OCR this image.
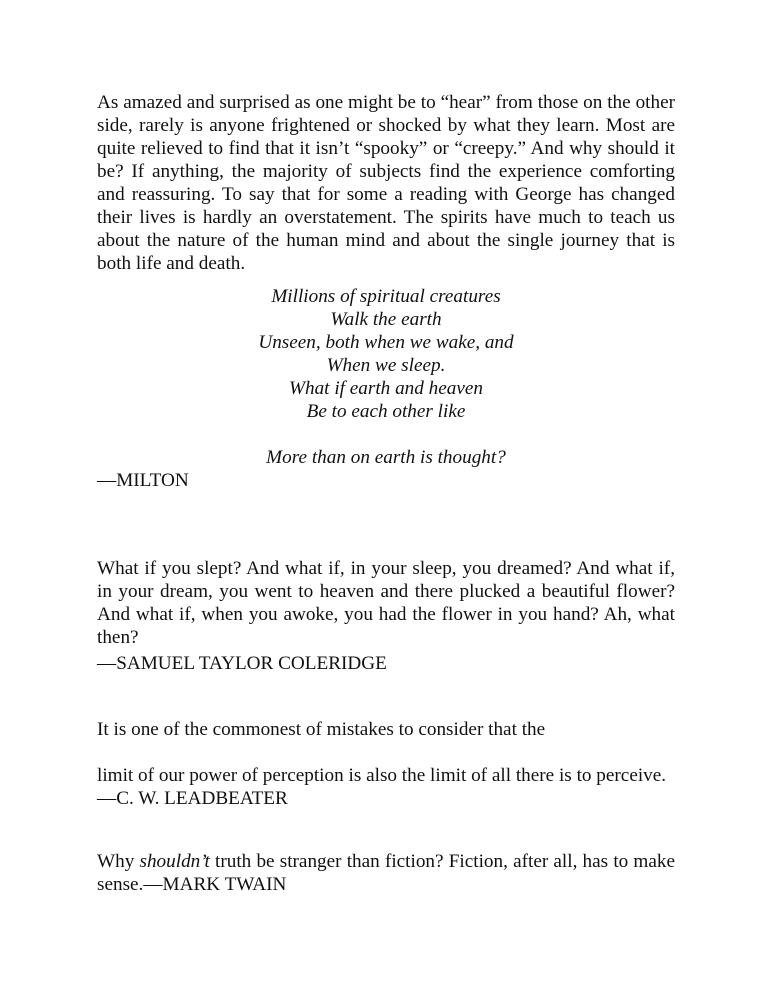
As amazed and surprised as one might be to “hear” from those on the other side, rarely is anyone frightened or shocked by what they learn. Most are quite relieved to find that it isn’t “spooky” or “creepy.” And why should it be? If anything, the majority of subjects find the experience comforting and reassuring. To say that for some a reading with George has changed their lives is hardly an overstatement. The spirits have much to teach us about the nature of the human mind and about the single journey that is both life and death.

Millions of spiritual creatures
Walk the earth
Unseen, both when we wake, and
When we sleep.
What if earth and heaven
Be to each other like
More than on earth is thought?

—MILTON

What if you slept? And what if, in your sleep, you dreamed? And what if, in your dream, you went to heaven and there plucked a beautiful flower? And what if, when you awoke, you had the flower in you hand? Ah, what then?

—SAMUEL TAYLOR COLERIDGE

It is one of the commonest of mistakes to consider that the

limit of our power of perception is also the limit of all there is to perceive.

—C. W. LEADBEATER

Why shouldn’t truth be stranger than fiction? Fiction, after all, has to make sense.—MARK TWAIN
